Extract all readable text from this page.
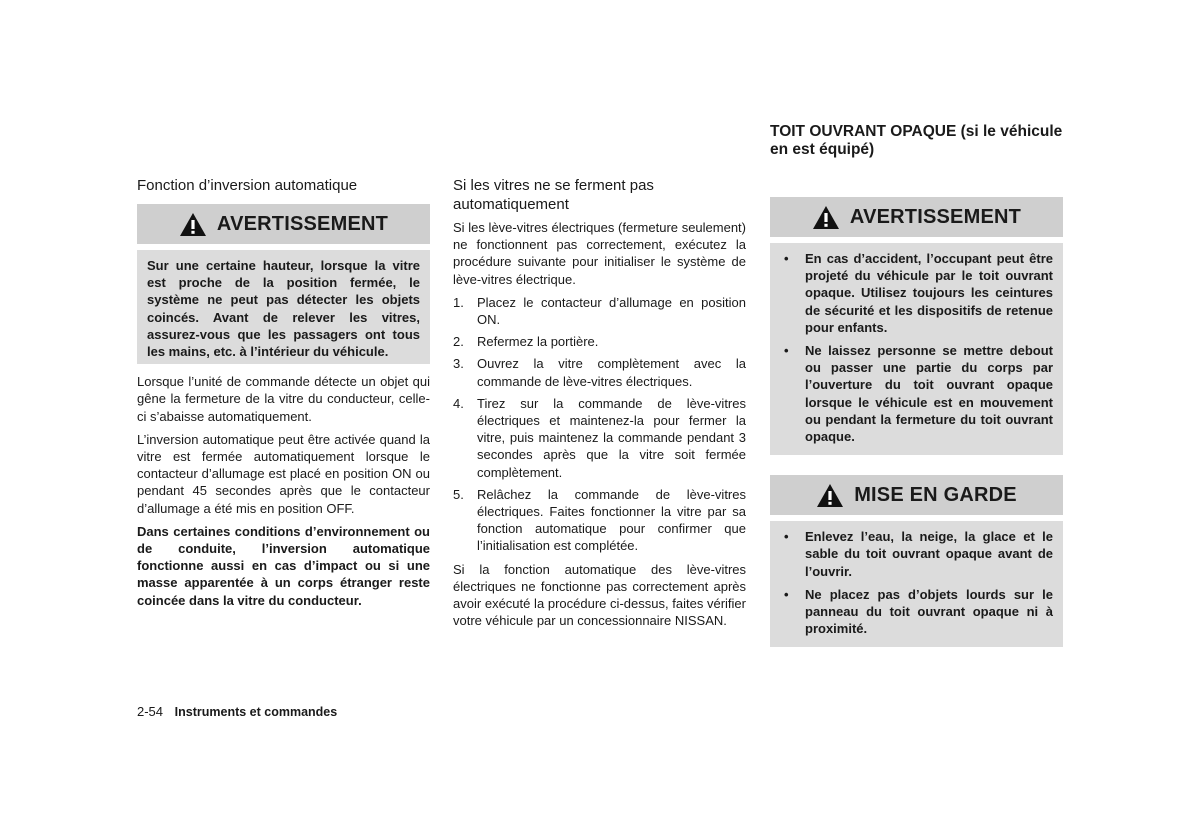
Fonction d’inversion automatique
AVERTISSEMENT
Sur une certaine hauteur, lorsque la vitre est proche de la position fermée, le système ne peut pas détecter les objets coincés. Avant de relever les vitres, assurez-vous que les passagers ont tous les mains, etc. à l’intérieur du véhicule.

Lorsque l’unité de commande détecte un objet qui gêne la fermeture de la vitre du conducteur, celle-ci s’abaisse automatiquement.

L’inversion automatique peut être activée quand la vitre est fermée automatiquement lorsque le contacteur d’allumage est placé en position ON ou pendant 45 secondes après que le contacteur d’allumage a été mis en position OFF.

Dans certaines conditions d’environnement ou de conduite, l’inversion automatique fonctionne aussi en cas d’impact ou si une masse apparentée à un corps étranger reste coincée dans la vitre du conducteur.

Si les vitres ne se ferment pas automatiquement

Si les lève-vitres électriques (fermeture seulement) ne fonctionnent pas correctement, exécutez la procédure suivante pour initialiser le système de lève-vitres électrique.

1. Placez le contacteur d’allumage en position ON.
2. Refermez la portière.
3. Ouvrez la vitre complètement avec la commande de lève-vitres électriques.
4. Tirez sur la commande de lève-vitres électriques et maintenez-la pour fermer la vitre, puis maintenez la commande pendant 3 secondes après que la vitre soit fermée complètement.
5. Relâchez la commande de lève-vitres électriques. Faites fonctionner la vitre par sa fonction automatique pour confirmer que l’initialisation est complétée.

Si la fonction automatique des lève-vitres électriques ne fonctionne pas correctement après avoir exécuté la procédure ci-dessus, faites vérifier votre véhicule par un concessionnaire NISSAN.

TOIT OUVRANT OPAQUE (si le véhicule en est équipé)
AVERTISSEMENT
• En cas d’accident, l’occupant peut être projeté du véhicule par le toit ouvrant opaque. Utilisez toujours les ceintures de sécurité et les dispositifs de retenue pour enfants.
• Ne laissez personne se mettre debout ou passer une partie du corps par l’ouverture du toit ouvrant opaque lorsque le véhicule est en mouvement ou pendant la fermeture du toit ouvrant opaque.
MISE EN GARDE
• Enlevez l’eau, la neige, la glace et le sable du toit ouvrant opaque avant de l’ouvrir.
• Ne placez pas d’objets lourds sur le panneau du toit ouvrant opaque ni à proximité.
2-54 Instruments et commandes
